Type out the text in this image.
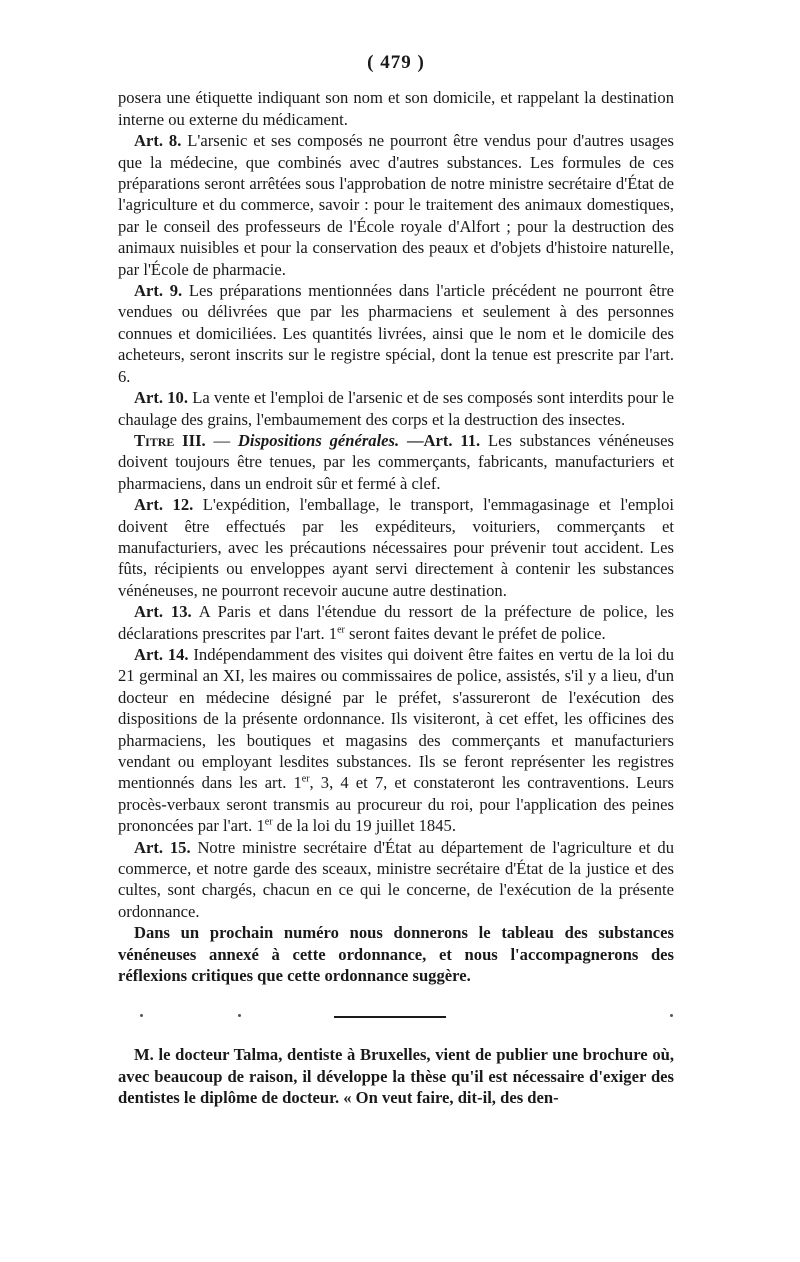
( 479 )

posera une étiquette indiquant son nom et son domicile, et rappelant la destination interne ou externe du médicament.

Art. 8. L'arsenic et ses composés ne pourront être vendus pour d'autres usages que la médecine, que combinés avec d'autres substances. Les formules de ces préparations seront arrêtées sous l'approbation de notre ministre secrétaire d'État de l'agriculture et du commerce, savoir : pour le traitement des animaux domestiques, par le conseil des professeurs de l'École royale d'Alfort ; pour la destruction des animaux nuisibles et pour la conservation des peaux et d'objets d'histoire naturelle, par l'École de pharmacie.

Art. 9. Les préparations mentionnées dans l'article précédent ne pourront être vendues ou délivrées que par les pharmaciens et seulement à des personnes connues et domiciliées. Les quantités livrées, ainsi que le nom et le domicile des acheteurs, seront inscrits sur le registre spécial, dont la tenue est prescrite par l'art. 6.

Art. 10. La vente et l'emploi de l'arsenic et de ses composés sont interdits pour le chaulage des grains, l'embaumement des corps et la destruction des insectes.

Titre III. — Dispositions générales. —Art. 11. Les substances vénéneuses doivent toujours être tenues, par les commerçants, fabricants, manufacturiers et pharmaciens, dans un endroit sûr et fermé à clef.

Art. 12. L'expédition, l'emballage, le transport, l'emmagasinage et l'emploi doivent être effectués par les expéditeurs, voituriers, commerçants et manufacturiers, avec les précautions nécessaires pour prévenir tout accident. Les fûts, récipients ou enveloppes ayant servi directement à contenir les substances vénéneuses, ne pourront recevoir aucune autre destination.

Art. 13. A Paris et dans l'étendue du ressort de la préfecture de police, les déclarations prescrites par l'art. 1er seront faites devant le préfet de police.

Art. 14. Indépendamment des visites qui doivent être faites en vertu de la loi du 21 germinal an XI, les maires ou commissaires de police, assistés, s'il y a lieu, d'un docteur en médecine désigné par le préfet, s'assureront de l'exécution des dispositions de la présente ordonnance. Ils visiteront, à cet effet, les officines des pharmaciens, les boutiques et magasins des commerçants et manufacturiers vendant ou employant lesdites substances. Ils se feront représenter les registres mentionnés dans les art. 1er, 3, 4 et 7, et constateront les contraventions. Leurs procès-verbaux seront transmis au procureur du roi, pour l'application des peines prononcées par l'art. 1er de la loi du 19 juillet 1845.

Art. 15. Notre ministre secrétaire d'État au département de l'agriculture et du commerce, et notre garde des sceaux, ministre secrétaire d'État de la justice et des cultes, sont chargés, chacun en ce qui le concerne, de l'exécution de la présente ordonnance.

Dans un prochain numéro nous donnerons le tableau des substances vénéneuses annexé à cette ordonnance, et nous l'accompagnerons des réflexions critiques que cette ordonnance suggère.

M. le docteur Talma, dentiste à Bruxelles, vient de publier une brochure où, avec beaucoup de raison, il développe la thèse qu'il est nécessaire d'exiger des dentistes le diplôme de docteur. « On veut faire, dit-il, des den-
